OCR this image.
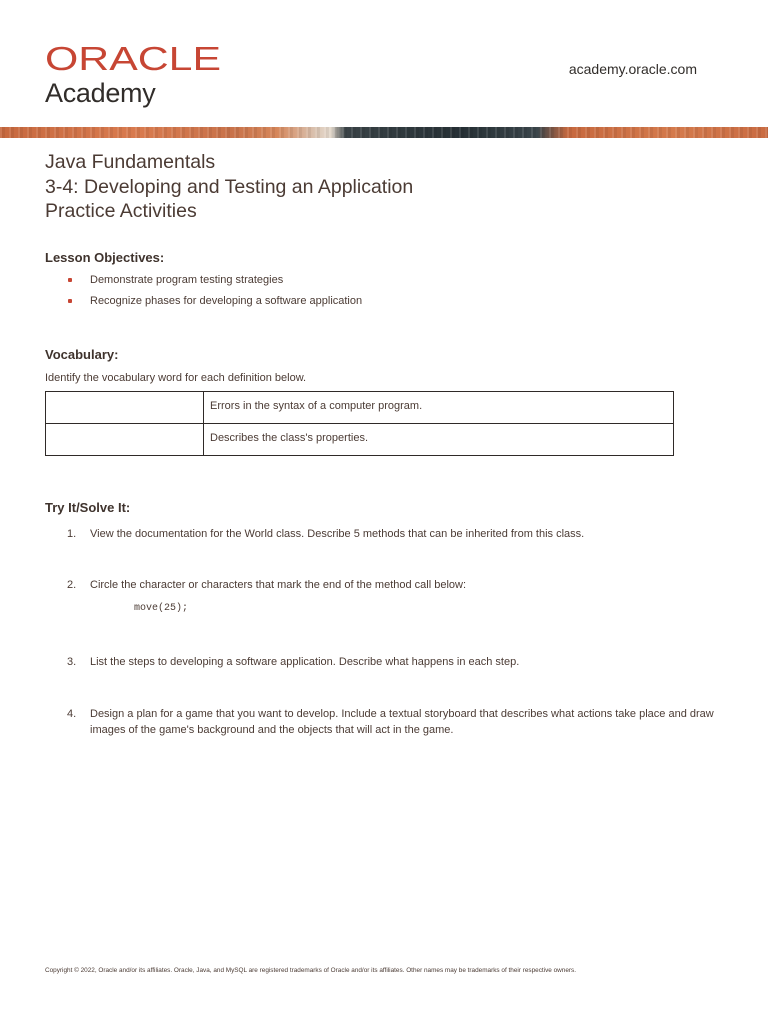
ORACLE
Academy
academy.oracle.com
Java Fundamentals
3-4: Developing and Testing an Application
Practice Activities
Lesson Objectives:
Demonstrate program testing strategies
Recognize phases for developing a software application
Vocabulary:
Identify the vocabulary word for each definition below.
	Errors in the syntax of a computer program.
	Describes the class's properties.
Try It/Solve It:
1. View the documentation for the World class. Describe 5 methods that can be inherited from this class.
2. Circle the character or characters that mark the end of the method call below:
3. List the steps to developing a software application. Describe what happens in each step.
4. Design a plan for a game that you want to develop. Include a textual storyboard that describes what actions take place and draw images of the game's background and the objects that will act in the game.
move(25);
Copyright © 2022, Oracle and/or its affiliates. Oracle, Java, and MySQL are registered trademarks of Oracle and/or its affiliates. Other names may be trademarks of their respective owners.
